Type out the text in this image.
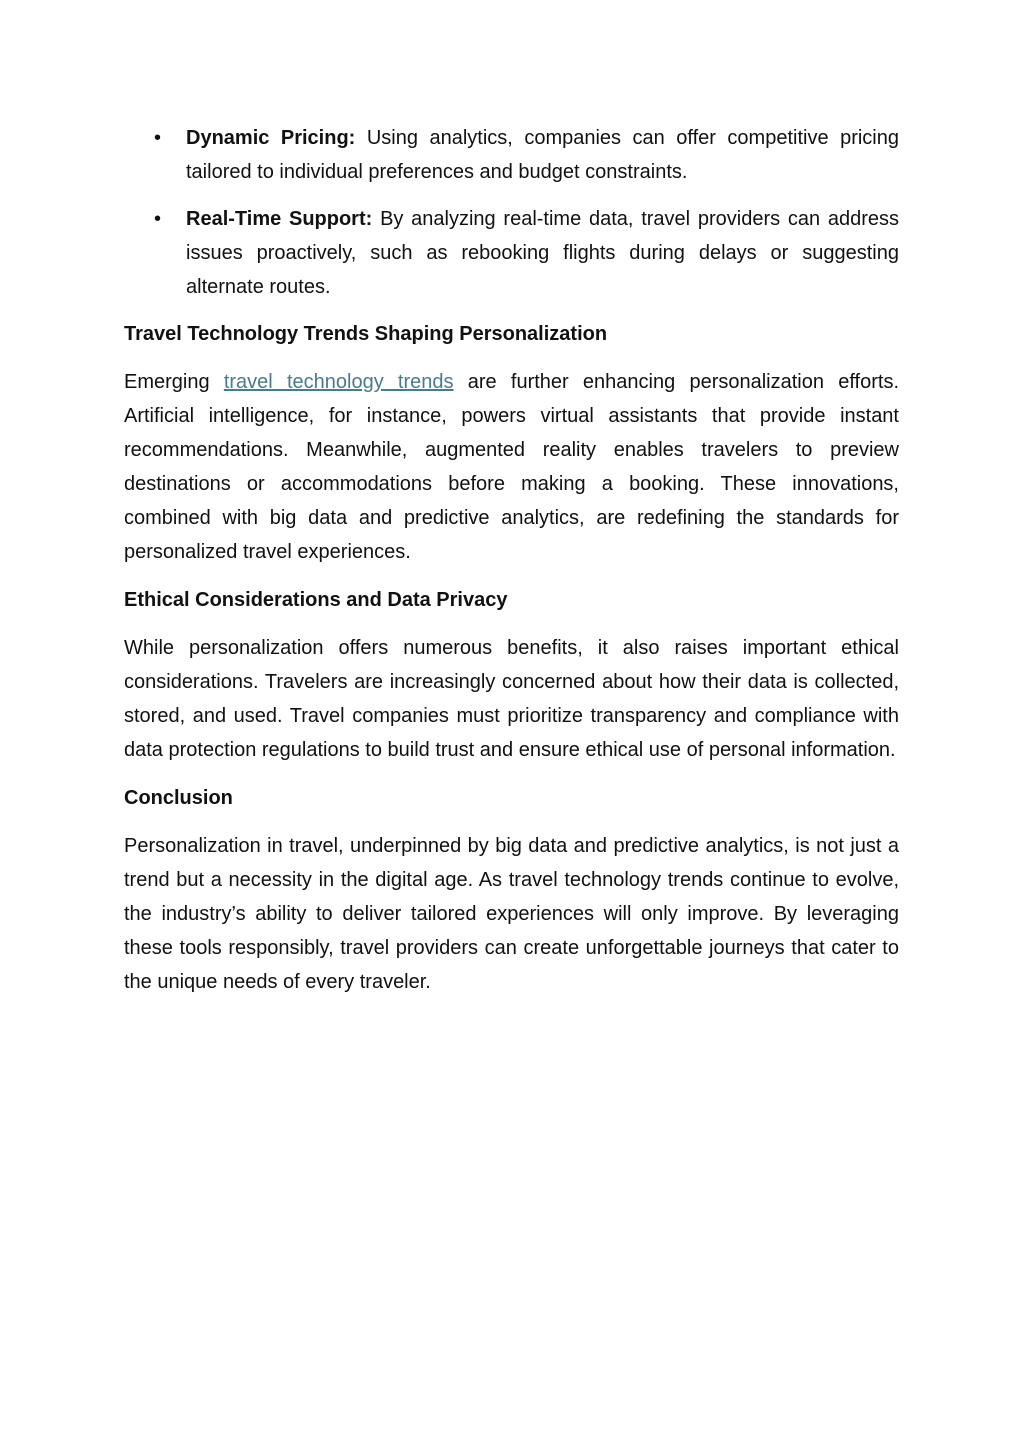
• Dynamic Pricing: Using analytics, companies can offer competitive pricing tailored to individual preferences and budget constraints.
• Real-Time Support: By analyzing real-time data, travel providers can address issues proactively, such as rebooking flights during delays or suggesting alternate routes.
Travel Technology Trends Shaping Personalization

Emerging travel technology trends are further enhancing personalization efforts. Artificial intelligence, for instance, powers virtual assistants that provide instant recommendations. Meanwhile, augmented reality enables travelers to preview destinations or accommodations before making a booking. These innovations, combined with big data and predictive analytics, are redefining the standards for personalized travel experiences.

Ethical Considerations and Data Privacy

While personalization offers numerous benefits, it also raises important ethical considerations. Travelers are increasingly concerned about how their data is collected, stored, and used. Travel companies must prioritize transparency and compliance with data protection regulations to build trust and ensure ethical use of personal information.

Conclusion

Personalization in travel, underpinned by big data and predictive analytics, is not just a trend but a necessity in the digital age. As travel technology trends continue to evolve, the industry’s ability to deliver tailored experiences will only improve. By leveraging these tools responsibly, travel providers can create unforgettable journeys that cater to the unique needs of every traveler.
